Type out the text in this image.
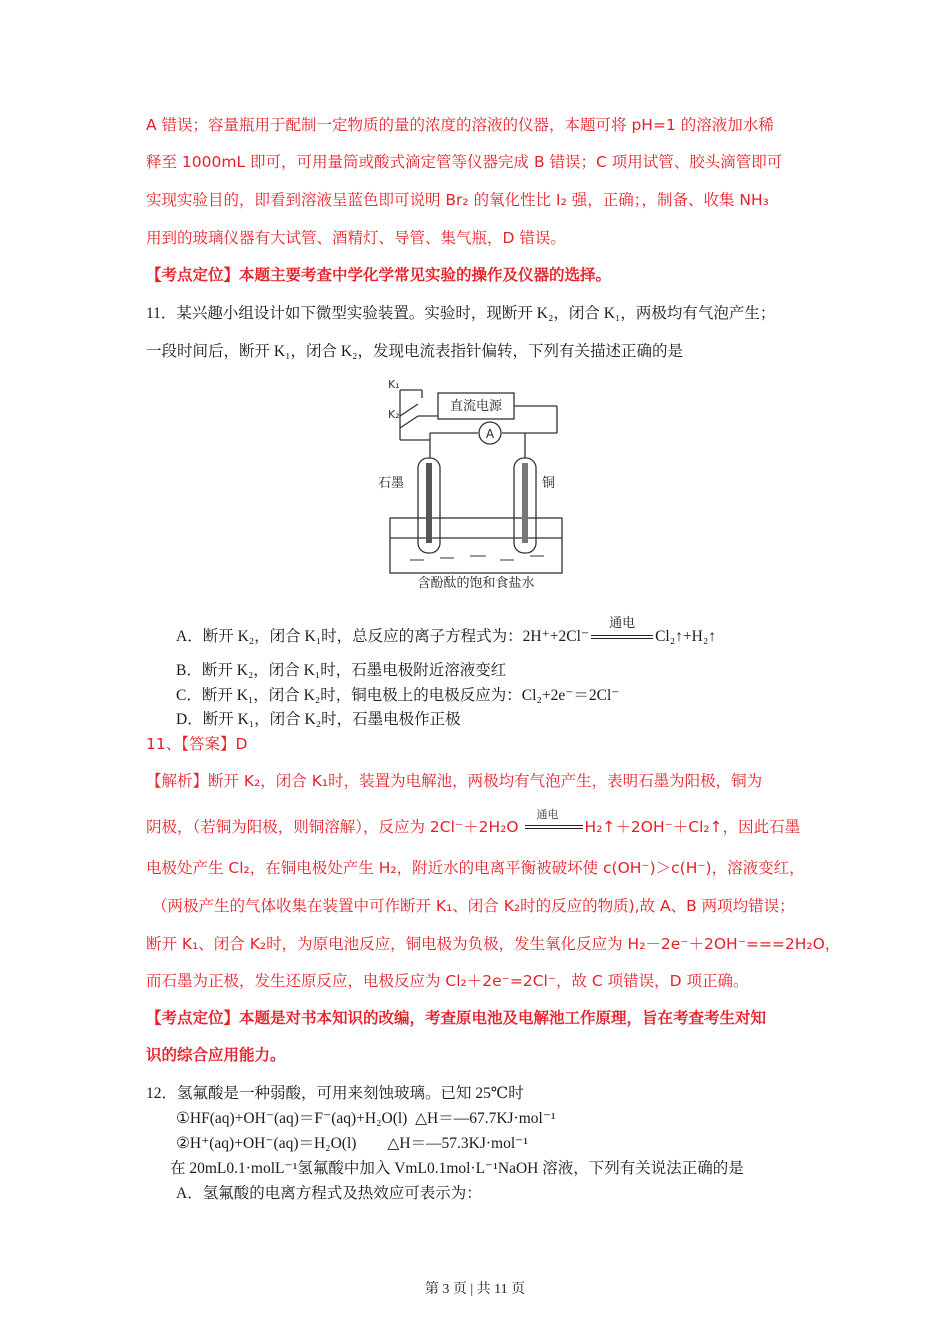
A 错误；容量瓶用于配制一定物质的量的浓度的溶液的仪器，本题可将 pH=1 的溶液加水稀
释至 1000mL 即可，可用量筒或酸式滴定管等仪器完成 B 错误；C 项用试管、胶头滴管即可
实现实验目的，即看到溶液呈蓝色即可说明 Br₂ 的氧化性比 I₂ 强，正确；，制备、收集 NH₃
用到的玻璃仪器有大试管、酒精灯、导管、集气瓶，D 错误。
【考点定位】本题主要考查中学化学常见实验的操作及仪器的选择。
11．某兴趣小组设计如下微型实验装置。实验时，现断开 K₂，闭合 K₁，两极均有气泡产生；
一段时间后，断开 K₁，闭合 K₂，发现电流表指针偏转，下列有关描述正确的是
K₁
K₂
直流电源
A
石墨	铜
含酚酞的饱和食盐水
A．断开 K₂，闭合 K₁时，总反应的离子方程式为：2H⁺+2Cl⁻
通电
Cl₂↑+H₂↑
B．断开 K₂，闭合 K₁时，石墨电极附近溶液变红
C．断开 K₁，闭合 K₂时，铜电极上的电极反应为：Cl₂+2e⁻＝2Cl⁻
D．断开 K₁，闭合 K₂时，石墨电极作正极
11、【答案】D
【解析】断开 K₂，闭合 K₁时，装置为电解池，两极均有气泡产生，表明石墨为阳极，铜为
阴极，（若铜为阳极，则铜溶解），反应为 2Cl⁻＋2H₂O
通电
H₂↑＋2OH⁻＋Cl₂↑，因此石墨
电极处产生 Cl₂，在铜电极处产生 H₂，附近水的电离平衡被破坏使 c(OH⁻)＞c(H⁻)，溶液变红，
（两极产生的气体收集在装置中可作断开 K₁、闭合 K₂时的反应的物质),故 A、B 两项均错误；
断开 K₁、闭合 K₂时，为原电池反应，铜电极为负极，发生氧化反应为 H₂－2e⁻＋2OH⁻===2H₂O，
而石墨为正极，发生还原反应，电极反应为 Cl₂＋2e⁻=2Cl⁻，故 C 项错误，D 项正确。
【考点定位】本题是对书本知识的改编，考查原电池及电解池工作原理，旨在考查考生对知
识的综合应用能力。
12．氢氟酸是一种弱酸，可用来刻蚀玻璃。已知 25℃时
①HF(aq)+OH⁻(aq)＝F⁻(aq)+H₂O(l)  △H＝—67.7KJ·mol⁻¹
②H⁺(aq)+OH⁻(aq)＝H₂O(l)        △H＝—57.3KJ·mol⁻¹
在 20mL0.1·molL⁻¹氢氟酸中加入 VmL0.1mol·L⁻¹NaOH 溶液，下列有关说法正确的是
A．氢氟酸的电离方程式及热效应可表示为：
第 3 页 | 共 11 页
